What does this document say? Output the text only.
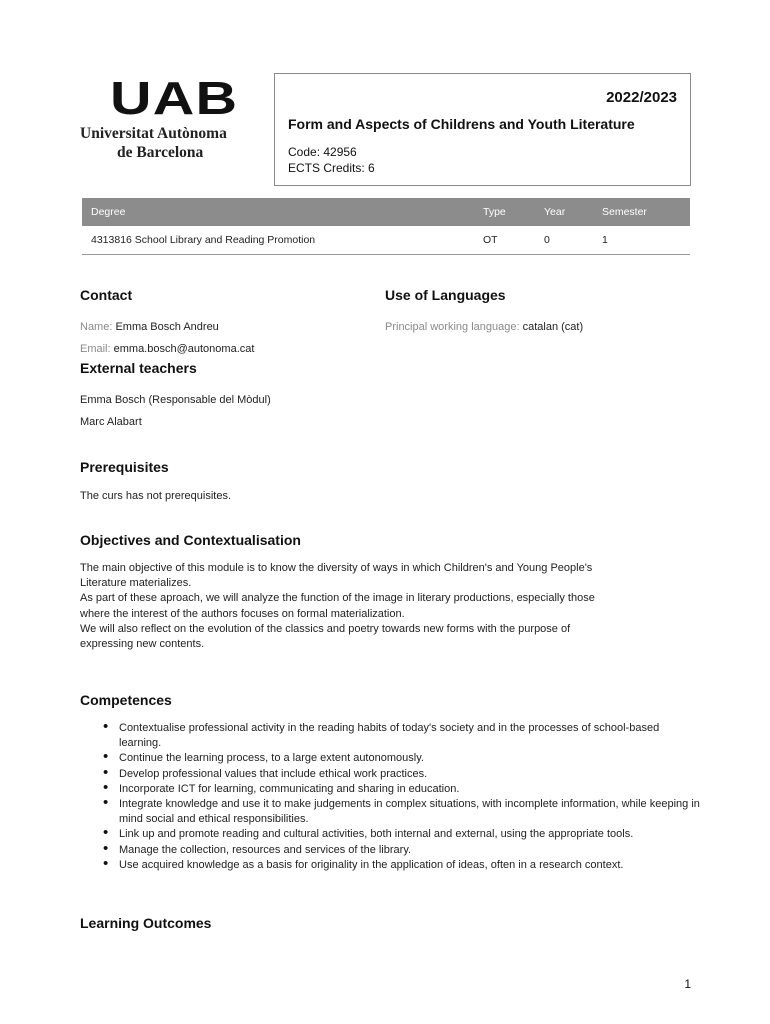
UAB
Universitat Autònoma
de Barcelona
2022/2023
Form and Aspects of Childrens and Youth Literature
Code: 42956
ECTS Credits: 6
Degree	Type	Year	Semester
4313816 School Library and Reading Promotion	OT	0	1
Contact
Name: Emma Bosch Andreu
Email: emma.bosch@autonoma.cat
Use of Languages
Principal working language: catalan (cat)
External teachers
Emma Bosch (Responsable del Mòdul)
Marc Alabart
Prerequisites
The curs has not prerequisites.
Objectives and Contextualisation
The main objective of this module is to know the diversity of ways in which Children's and Young People's
Literature materializes.
As part of these aproach, we will analyze the function of the image in literary productions, especially those
where the interest of the authors focuses on formal materialization.
We will also reflect on the evolution of the classics and poetry towards new forms with the purpose of
expressing new contents.
Competences
• Contextualise professional activity in the reading habits of today's society and in the processes of school-based learning.
• Continue the learning process, to a large extent autonomously.
• Develop professional values that include ethical work practices.
• Incorporate ICT for learning, communicating and sharing in education.
• Integrate knowledge and use it to make judgements in complex situations, with incomplete information, while keeping in mind social and ethical responsibilities.
• Link up and promote reading and cultural activities, both internal and external, using the appropriate tools.
• Manage the collection, resources and services of the library.
• Use acquired knowledge as a basis for originality in the application of ideas, often in a research context.
Learning Outcomes
1
